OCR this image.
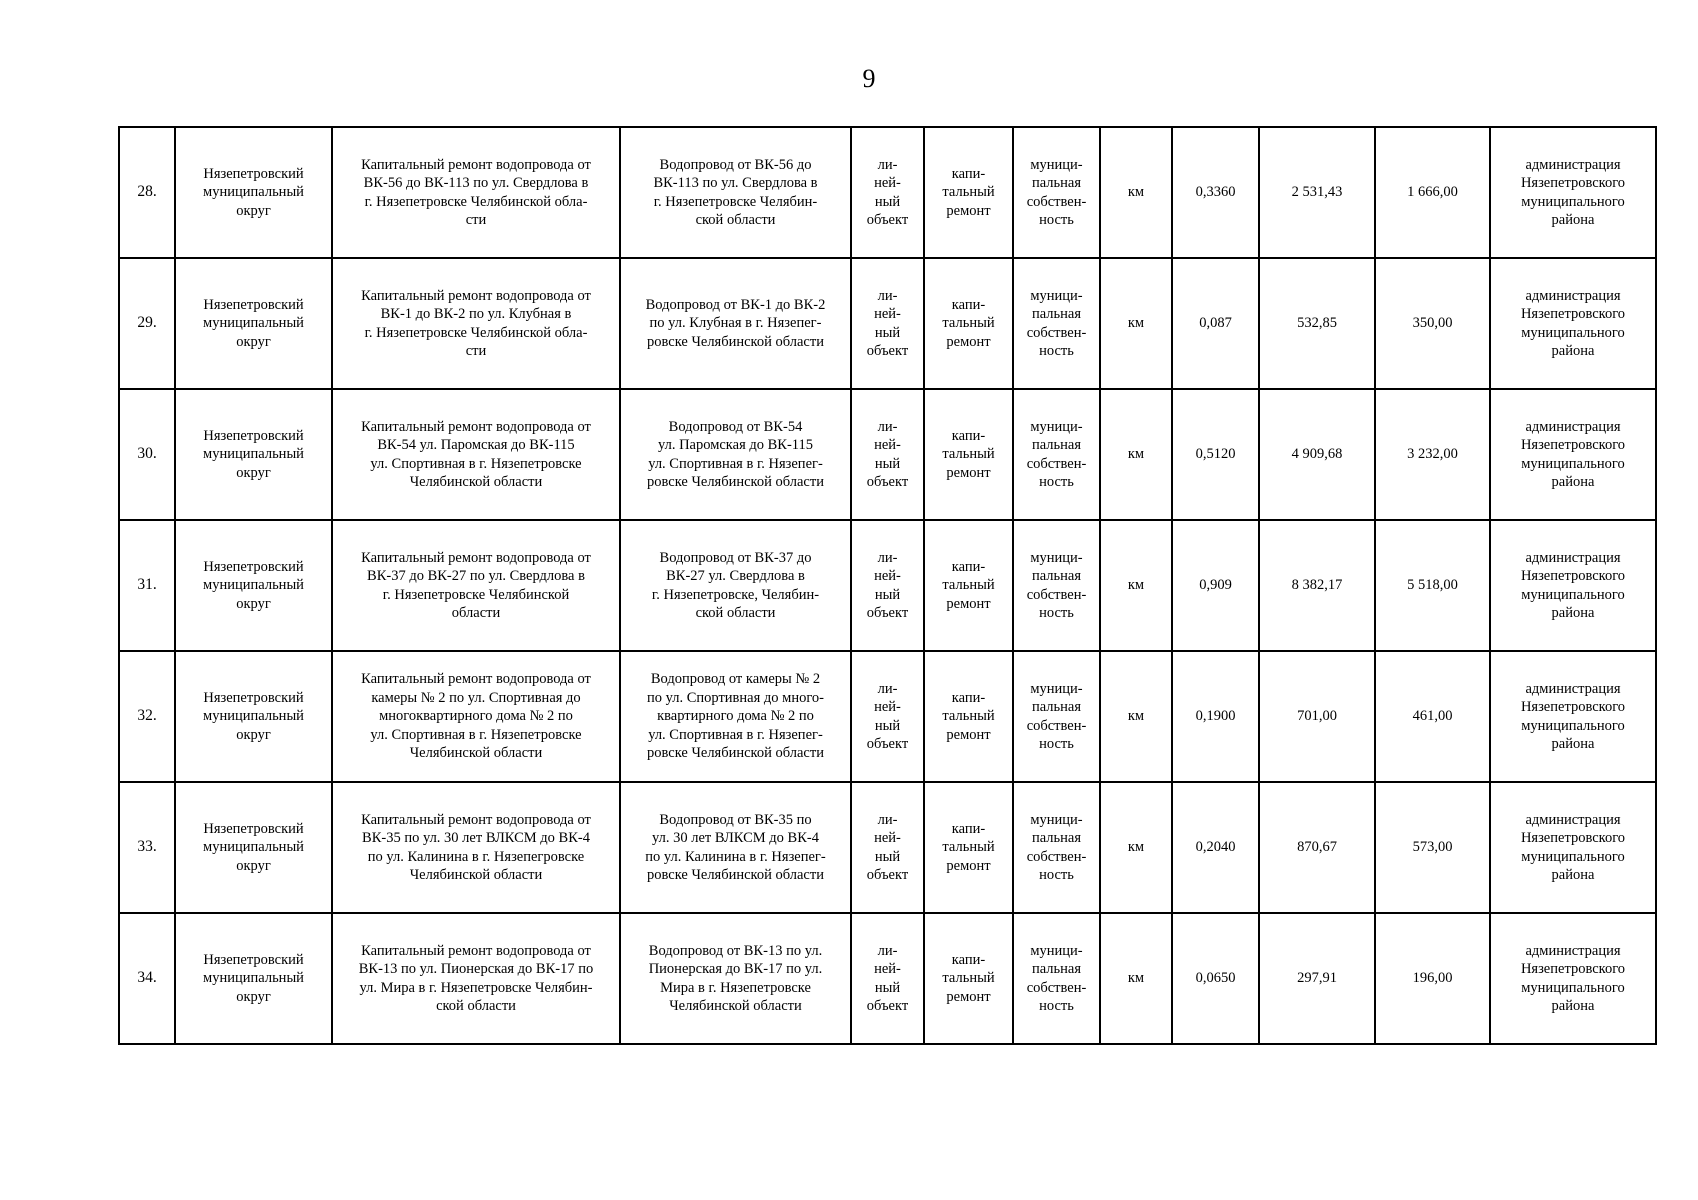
9
28.	Нязепетровский
муниципальный
округ	Капитальный ремонт водопровода от
ВК-56 до ВК-113 по ул. Свердлова в
г. Нязепетровске Челябинской обла-
сти	Водопровод от ВК-56 до
ВК-113 по ул. Свердлова в
г. Нязепетровске Челябин-
ской области	ли-
ней-
ный
объект	капи-
тальный
ремонт	муници-
пальная
собствен-
ность	км	0,3360	2 531,43	1 666,00	администрация
Нязепетровского
муниципального
района
29.	Нязепетровский
муниципальный
округ	Капитальный ремонт водопровода от
ВК-1 до ВК-2 по ул. Клубная в
г. Нязепетровске Челябинской обла-
сти	Водопровод от ВК-1 до ВК-2
по ул. Клубная в г. Нязепег-
ровске Челябинской области	ли-
ней-
ный
объект	капи-
тальный
ремонт	муници-
пальная
собствен-
ность	км	0,087	532,85	350,00	администрация
Нязепетровского
муниципального
района
30.	Нязепетровский
муниципальный
округ	Капитальный ремонт водопровода от
ВК-54 ул. Паромская до ВК-115
ул. Спортивная в г. Нязепетровске
Челябинской области	Водопровод от ВК-54
ул. Паромская до ВК-115
ул. Спортивная в г. Нязепег-
ровске Челябинской области	ли-
ней-
ный
объект	капи-
тальный
ремонт	муници-
пальная
собствен-
ность	км	0,5120	4 909,68	3 232,00	администрация
Нязепетровского
муниципального
района
31.	Нязепетровский
муниципальный
округ	Капитальный ремонт водопровода от
ВК-37 до ВК-27 по ул. Свердлова в
г. Нязепетровске Челябинской
области	Водопровод от ВК-37 до
ВК-27 ул. Свердлова в
г. Нязепетровске, Челябин-
ской области	ли-
ней-
ный
объект	капи-
тальный
ремонт	муници-
пальная
собствен-
ность	км	0,909	8 382,17	5 518,00	администрация
Нязепетровского
муниципального
района
32.	Нязепетровский
муниципальный
округ	Капитальный ремонт водопровода от
камеры № 2 по ул. Спортивная до
многоквартирного дома № 2 по
ул. Спортивная в г. Нязепетровске
Челябинской области	Водопровод от камеры № 2
по ул. Спортивная до много-
квартирного дома № 2 по
ул. Спортивная в г. Нязепег-
ровске Челябинской области	ли-
ней-
ный
объект	капи-
тальный
ремонт	муници-
пальная
собствен-
ность	км	0,1900	701,00	461,00	администрация
Нязепетровского
муниципального
района
33.	Нязепетровский
муниципальный
округ	Капитальный ремонт водопровода от
ВК-35 по ул. 30 лет ВЛКСМ до ВК-4
по ул. Калинина в г. Нязепегровске
Челябинской области	Водопровод от ВК-35 по
ул. 30 лет ВЛКСМ до ВК-4
по ул. Калинина в г. Нязепег-
ровске Челябинской области	ли-
ней-
ный
объект	капи-
тальный
ремонт	муници-
пальная
собствен-
ность	км	0,2040	870,67	573,00	администрация
Нязепетровского
муниципального
района
34.	Нязепетровский
муниципальный
округ	Капитальный ремонт водопровода от
ВК-13 по ул. Пионерская до ВК-17 по
ул. Мира в г. Нязепетровске Челябин-
ской области	Водопровод от ВК-13 по ул.
Пионерская до ВК-17 по ул.
Мира в г. Нязепетровске
Челябинской области	ли-
ней-
ный
объект	капи-
тальный
ремонт	муници-
пальная
собствен-
ность	км	0,0650	297,91	196,00	администрация
Нязепетровского
муниципального
района
